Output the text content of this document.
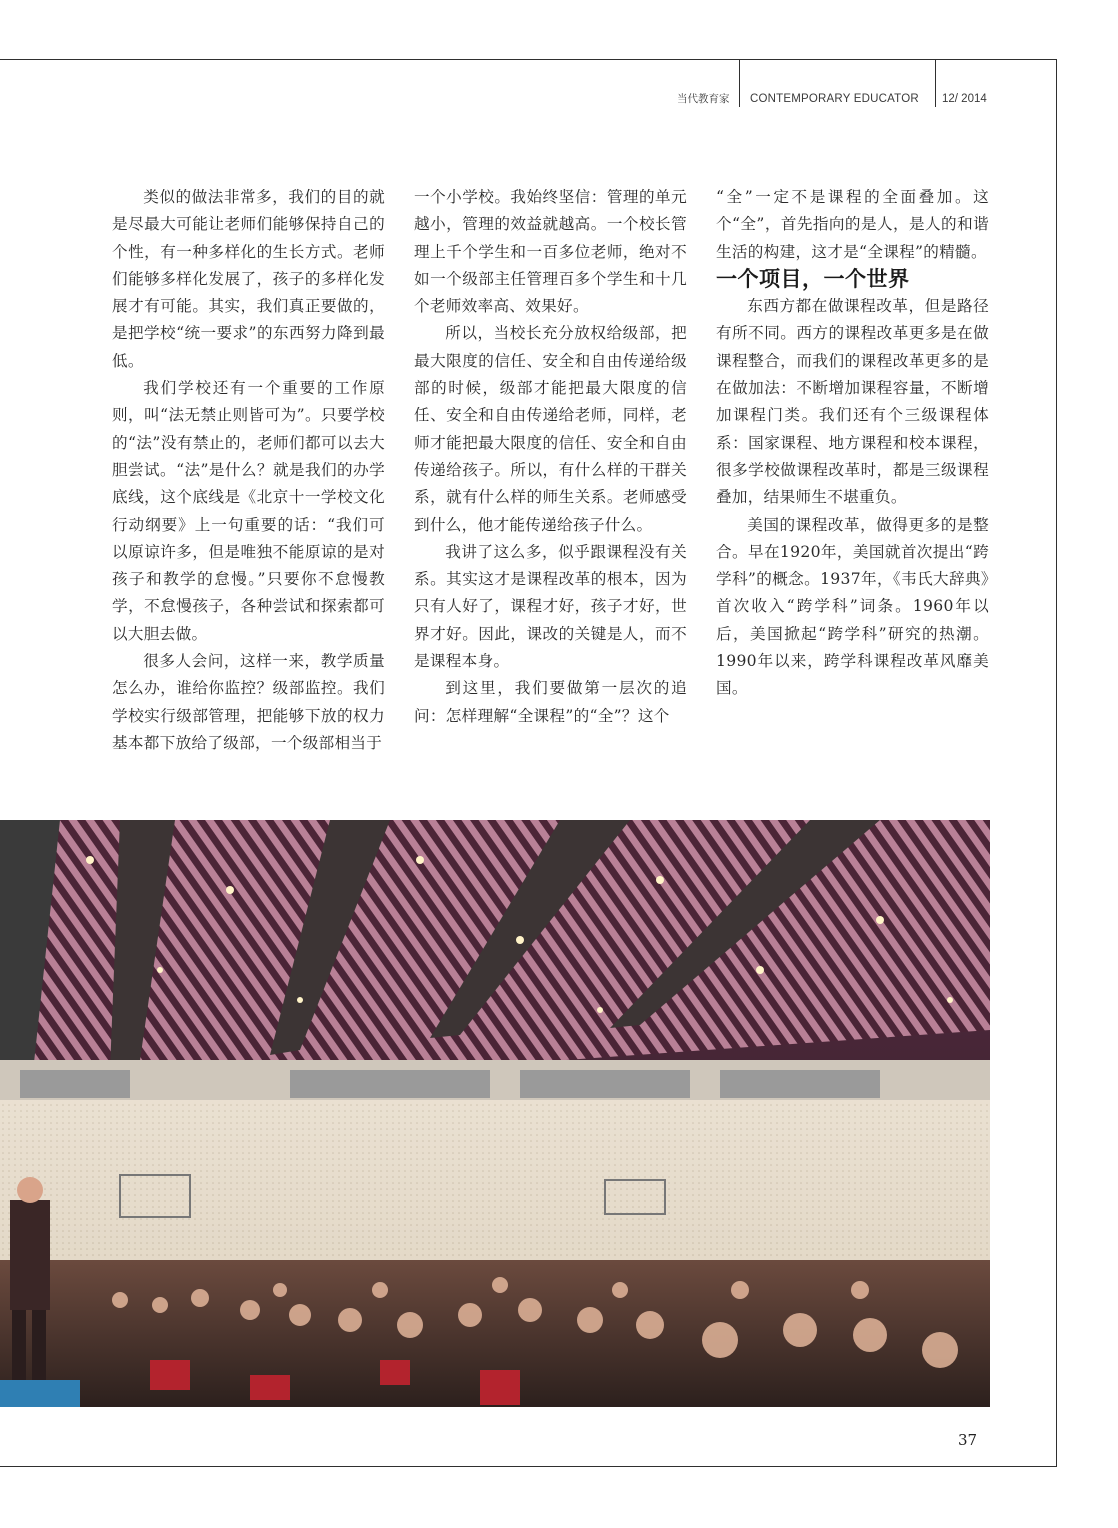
当代教育家 CONTEMPORARY EDUCATOR 12/ 2014

类似的做法非常多，我们的目的就是尽最大可能让老师们能够保持自己的个性，有一种多样化的生长方式。老师们能够多样化发展了，孩子的多样化发展才有可能。其实，我们真正要做的，是把学校“统一要求”的东西努力降到最低。

我们学校还有一个重要的工作原则，叫“法无禁止则皆可为”。只要学校的“法”没有禁止的，老师们都可以去大胆尝试。“法”是什么？就是我们的办学底线，这个底线是《北京十一学校文化行动纲要》上一句重要的话：“我们可以原谅许多，但是唯独不能原谅的是对孩子和教学的怠慢。”只要你不怠慢教学，不怠慢孩子，各种尝试和探索都可以大胆去做。

很多人会问，这样一来，教学质量怎么办，谁给你监控？级部监控。我们学校实行级部管理，把能够下放的权力基本都下放给了级部，一个级部相当于

一个小学校。我始终坚信：管理的单元越小，管理的效益就越高。一个校长管理上千个学生和一百多位老师，绝对不如一个级部主任管理百多个学生和十几个老师效率高、效果好。

所以，当校长充分放权给级部，把最大限度的信任、安全和自由传递给级部的时候，级部才能把最大限度的信任、安全和自由传递给老师，同样，老师才能把最大限度的信任、安全和自由传递给孩子。所以，有什么样的干群关系，就有什么样的师生关系。老师感受到什么，他才能传递给孩子什么。

我讲了这么多，似乎跟课程没有关系。其实这才是课程改革的根本，因为只有人好了，课程才好，孩子才好，世界才好。因此，课改的关键是人，而不是课程本身。

到这里，我们要做第一层次的追问：怎样理解“全课程”的“全”？这个

“全”一定不是课程的全面叠加。这个“全”，首先指向的是人，是人的和谐生活的构建，这才是“全课程”的精髓。

一个项目，一个世界

东西方都在做课程改革，但是路径有所不同。西方的课程改革更多是在做课程整合，而我们的课程改革更多的是在做加法：不断增加课程容量，不断增加课程门类。我们还有个三级课程体系：国家课程、地方课程和校本课程，很多学校做课程改革时，都是三级课程叠加，结果师生不堪重负。

美国的课程改革，做得更多的是整合。早在1920年，美国就首次提出“跨学科”的概念。1937年，《韦氏大辞典》首次收入“跨学科”词条。1960年以后，美国掀起“跨学科”研究的热潮。1990年以来，跨学科课程改革风靡美国。

37
